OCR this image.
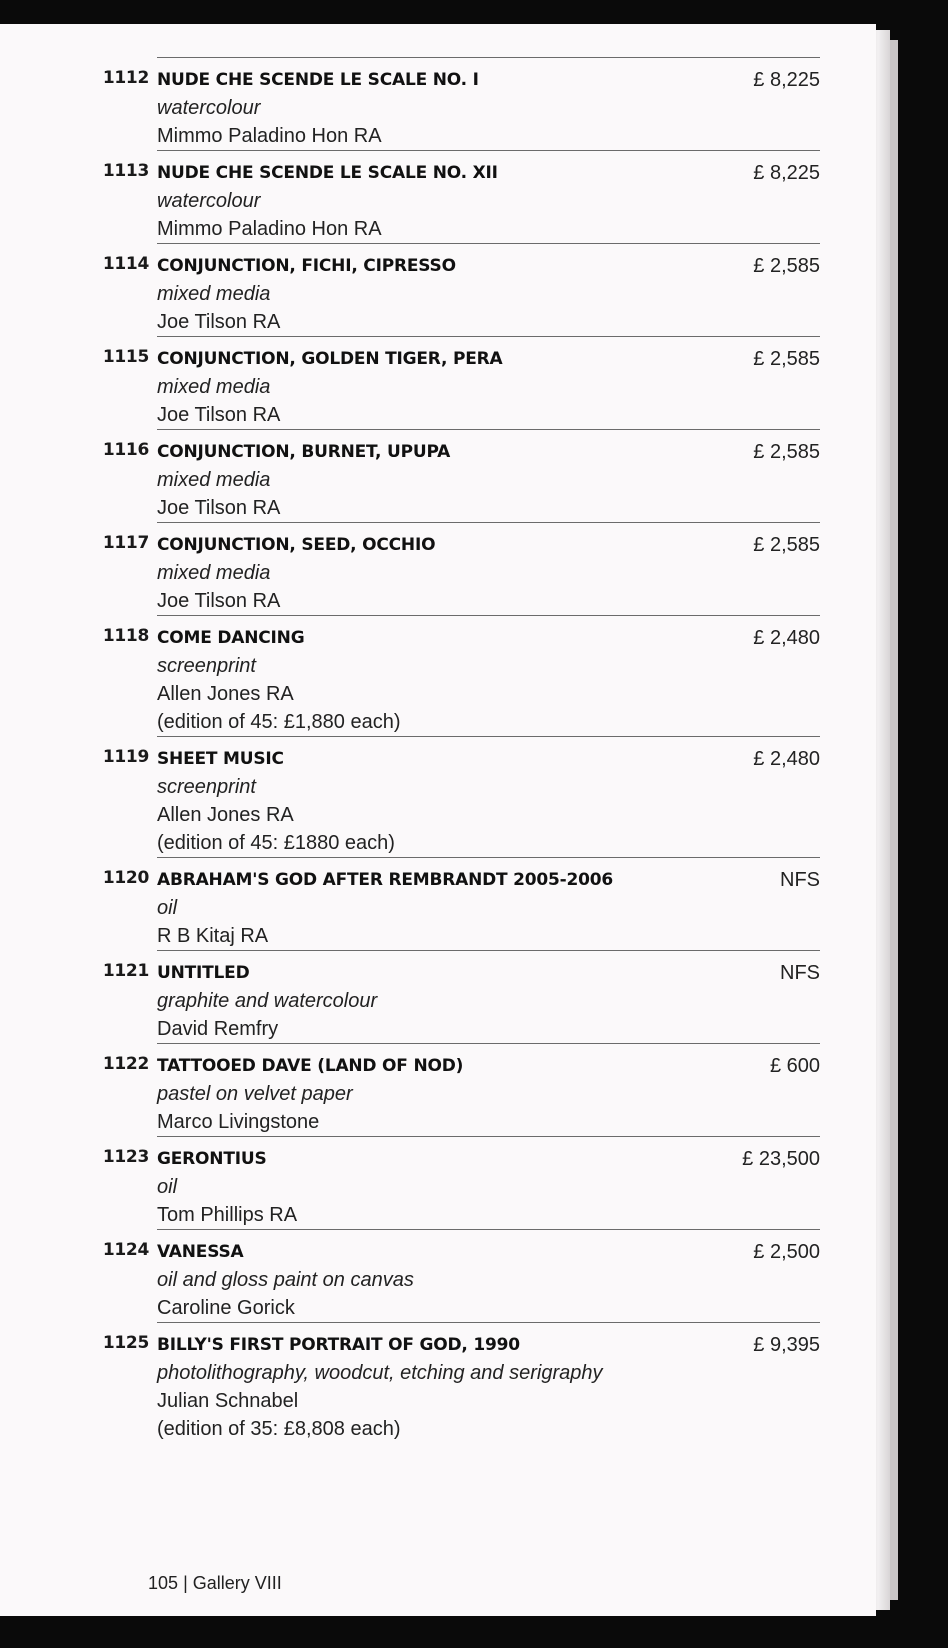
1112 NUDE CHE SCENDE LE SCALE NO. I
watercolour
Mimmo Paladino Hon RA
£ 8,225
1113 NUDE CHE SCENDE LE SCALE NO. XII
watercolour
Mimmo Paladino Hon RA
£ 8,225
1114 CONJUNCTION, FICHI, CIPRESSO
mixed media
Joe Tilson RA
£ 2,585
1115 CONJUNCTION, GOLDEN TIGER, PERA
mixed media
Joe Tilson RA
£ 2,585
1116 CONJUNCTION, BURNET, UPUPA
mixed media
Joe Tilson RA
£ 2,585
1117 CONJUNCTION, SEED, OCCHIO
mixed media
Joe Tilson RA
£ 2,585
1118 COME DANCING
screenprint
Allen Jones RA
(edition of 45: £1,880 each)
£ 2,480
1119 SHEET MUSIC
screenprint
Allen Jones RA
(edition of 45: £1880 each)
£ 2,480
1120 ABRAHAM'S GOD AFTER REMBRANDT 2005-2006
oil
R B Kitaj RA
NFS
1121 UNTITLED
graphite and watercolour
David Remfry
NFS
1122 TATTOOED DAVE (LAND OF NOD)
pastel on velvet paper
Marco Livingstone
£ 600
1123 GERONTIUS
oil
Tom Phillips RA
£ 23,500
1124 VANESSA
oil and gloss paint on canvas
Caroline Gorick
£ 2,500
1125 BILLY'S FIRST PORTRAIT OF GOD, 1990
photolithography, woodcut, etching and serigraphy
Julian Schnabel
(edition of 35: £8,808 each)
£ 9,395
105 | Gallery VIII
